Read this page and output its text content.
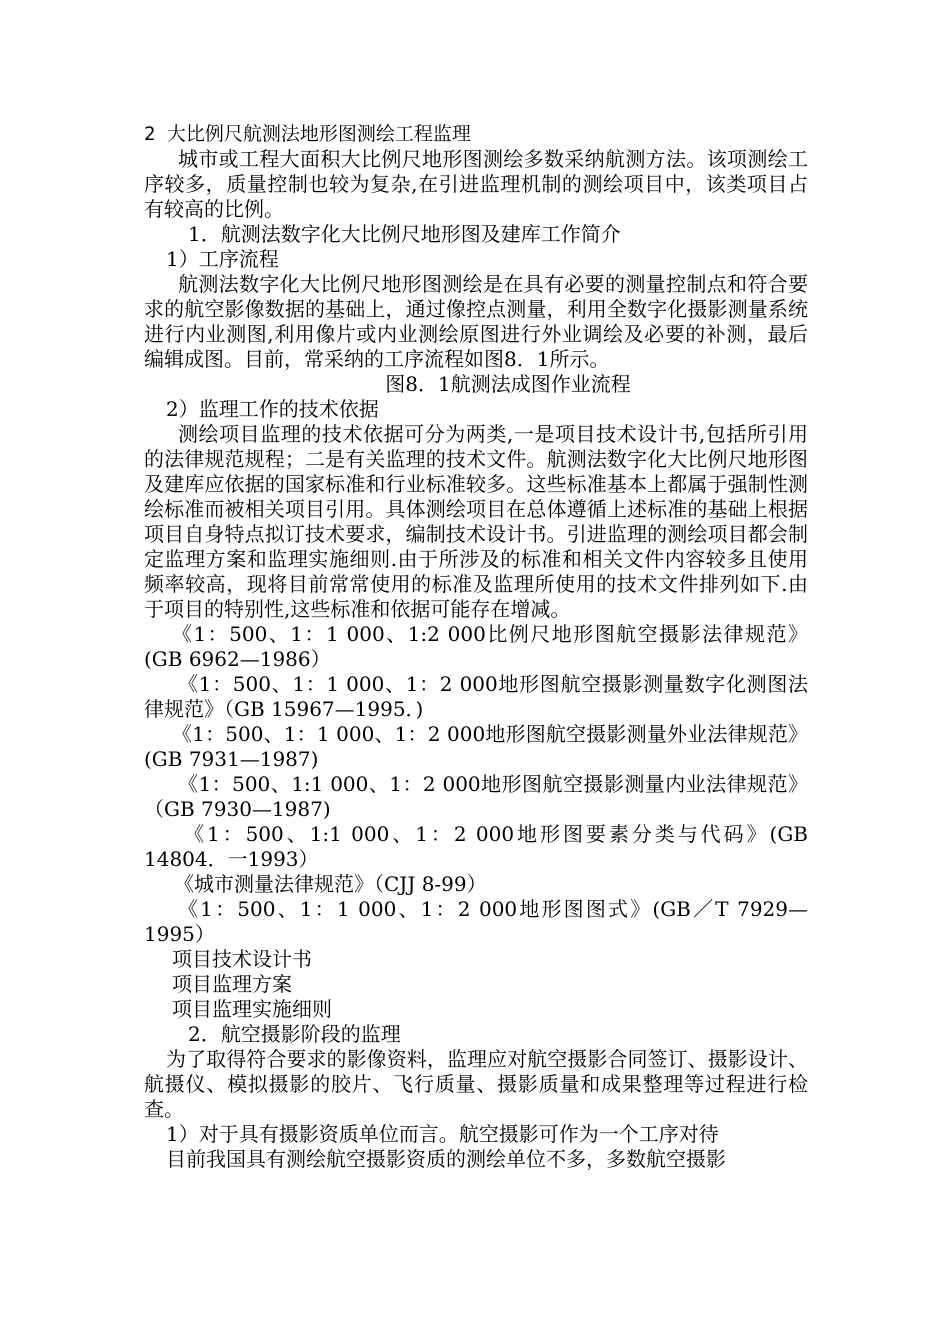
2 大比例尺航测法地形图测绘工程监理

城市或工程大面积大比例尺地形图测绘多数采纳航测方法。该项测绘工序较多，质量控制也较为复杂,在引进监理机制的测绘项目中，该类项目占有较高的比例。

1．航测法数字化大比例尺地形图及建库工作简介

1）工序流程

航测法数字化大比例尺地形图测绘是在具有必要的测量控制点和符合要求的航空影像数据的基础上，通过像控点测量，利用全数字化摄影测量系统进行内业测图,利用像片或内业测绘原图进行外业调绘及必要的补测，最后编辑成图。目前，常采纳的工序流程如图8．1所示。

图8．1航测法成图作业流程

2）监理工作的技术依据

测绘项目监理的技术依据可分为两类,一是项目技术设计书,包括所引用的法律规范规程；二是有关监理的技术文件。航测法数字化大比例尺地形图及建库应依据的国家标准和行业标准较多。这些标准基本上都属于强制性测绘标准而被相关项目引用。具体测绘项目在总体遵循上述标准的基础上根据项目自身特点拟订技术要求，编制技术设计书。引进监理的测绘项目都会制定监理方案和监理实施细则.由于所涉及的标准和相关文件内容较多且使用频率较高，现将目前常常使用的标准及监理所使用的技术文件排列如下.由于项目的特别性,这些标准和依据可能存在增减。

《1：500、1：1 000、1:2 000比例尺地形图航空摄影法律规范》(GB 6962—1986）

《1：500、1：1 000、1：2 000地形图航空摄影测量数字化测图法律规范》（GB 15967—1995．)

《1：500、1：1 000、1：2 000地形图航空摄影测量外业法律规范》(GB 7931—1987)

《1：500、1:1 000、1：2 000地形图航空摄影测量内业法律规范》（GB 7930—1987)

《1：500、1:1 000、1：2 000地形图要素分类与代码》(GB 14804．一1993）

《城市测量法律规范》（CJJ 8-99）

《1：500、1：1 000、1：2 000地形图图式》(GB／T 7929—1995）

项目技术设计书

项目监理方案

项目监理实施细则

2．航空摄影阶段的监理

为了取得符合要求的影像资料，监理应对航空摄影合同签订、摄影设计、航摄仪、模拟摄影的胶片、飞行质量、摄影质量和成果整理等过程进行检查。

1）对于具有摄影资质单位而言。航空摄影可作为一个工序对待

目前我国具有测绘航空摄影资质的测绘单位不多，多数航空摄影
